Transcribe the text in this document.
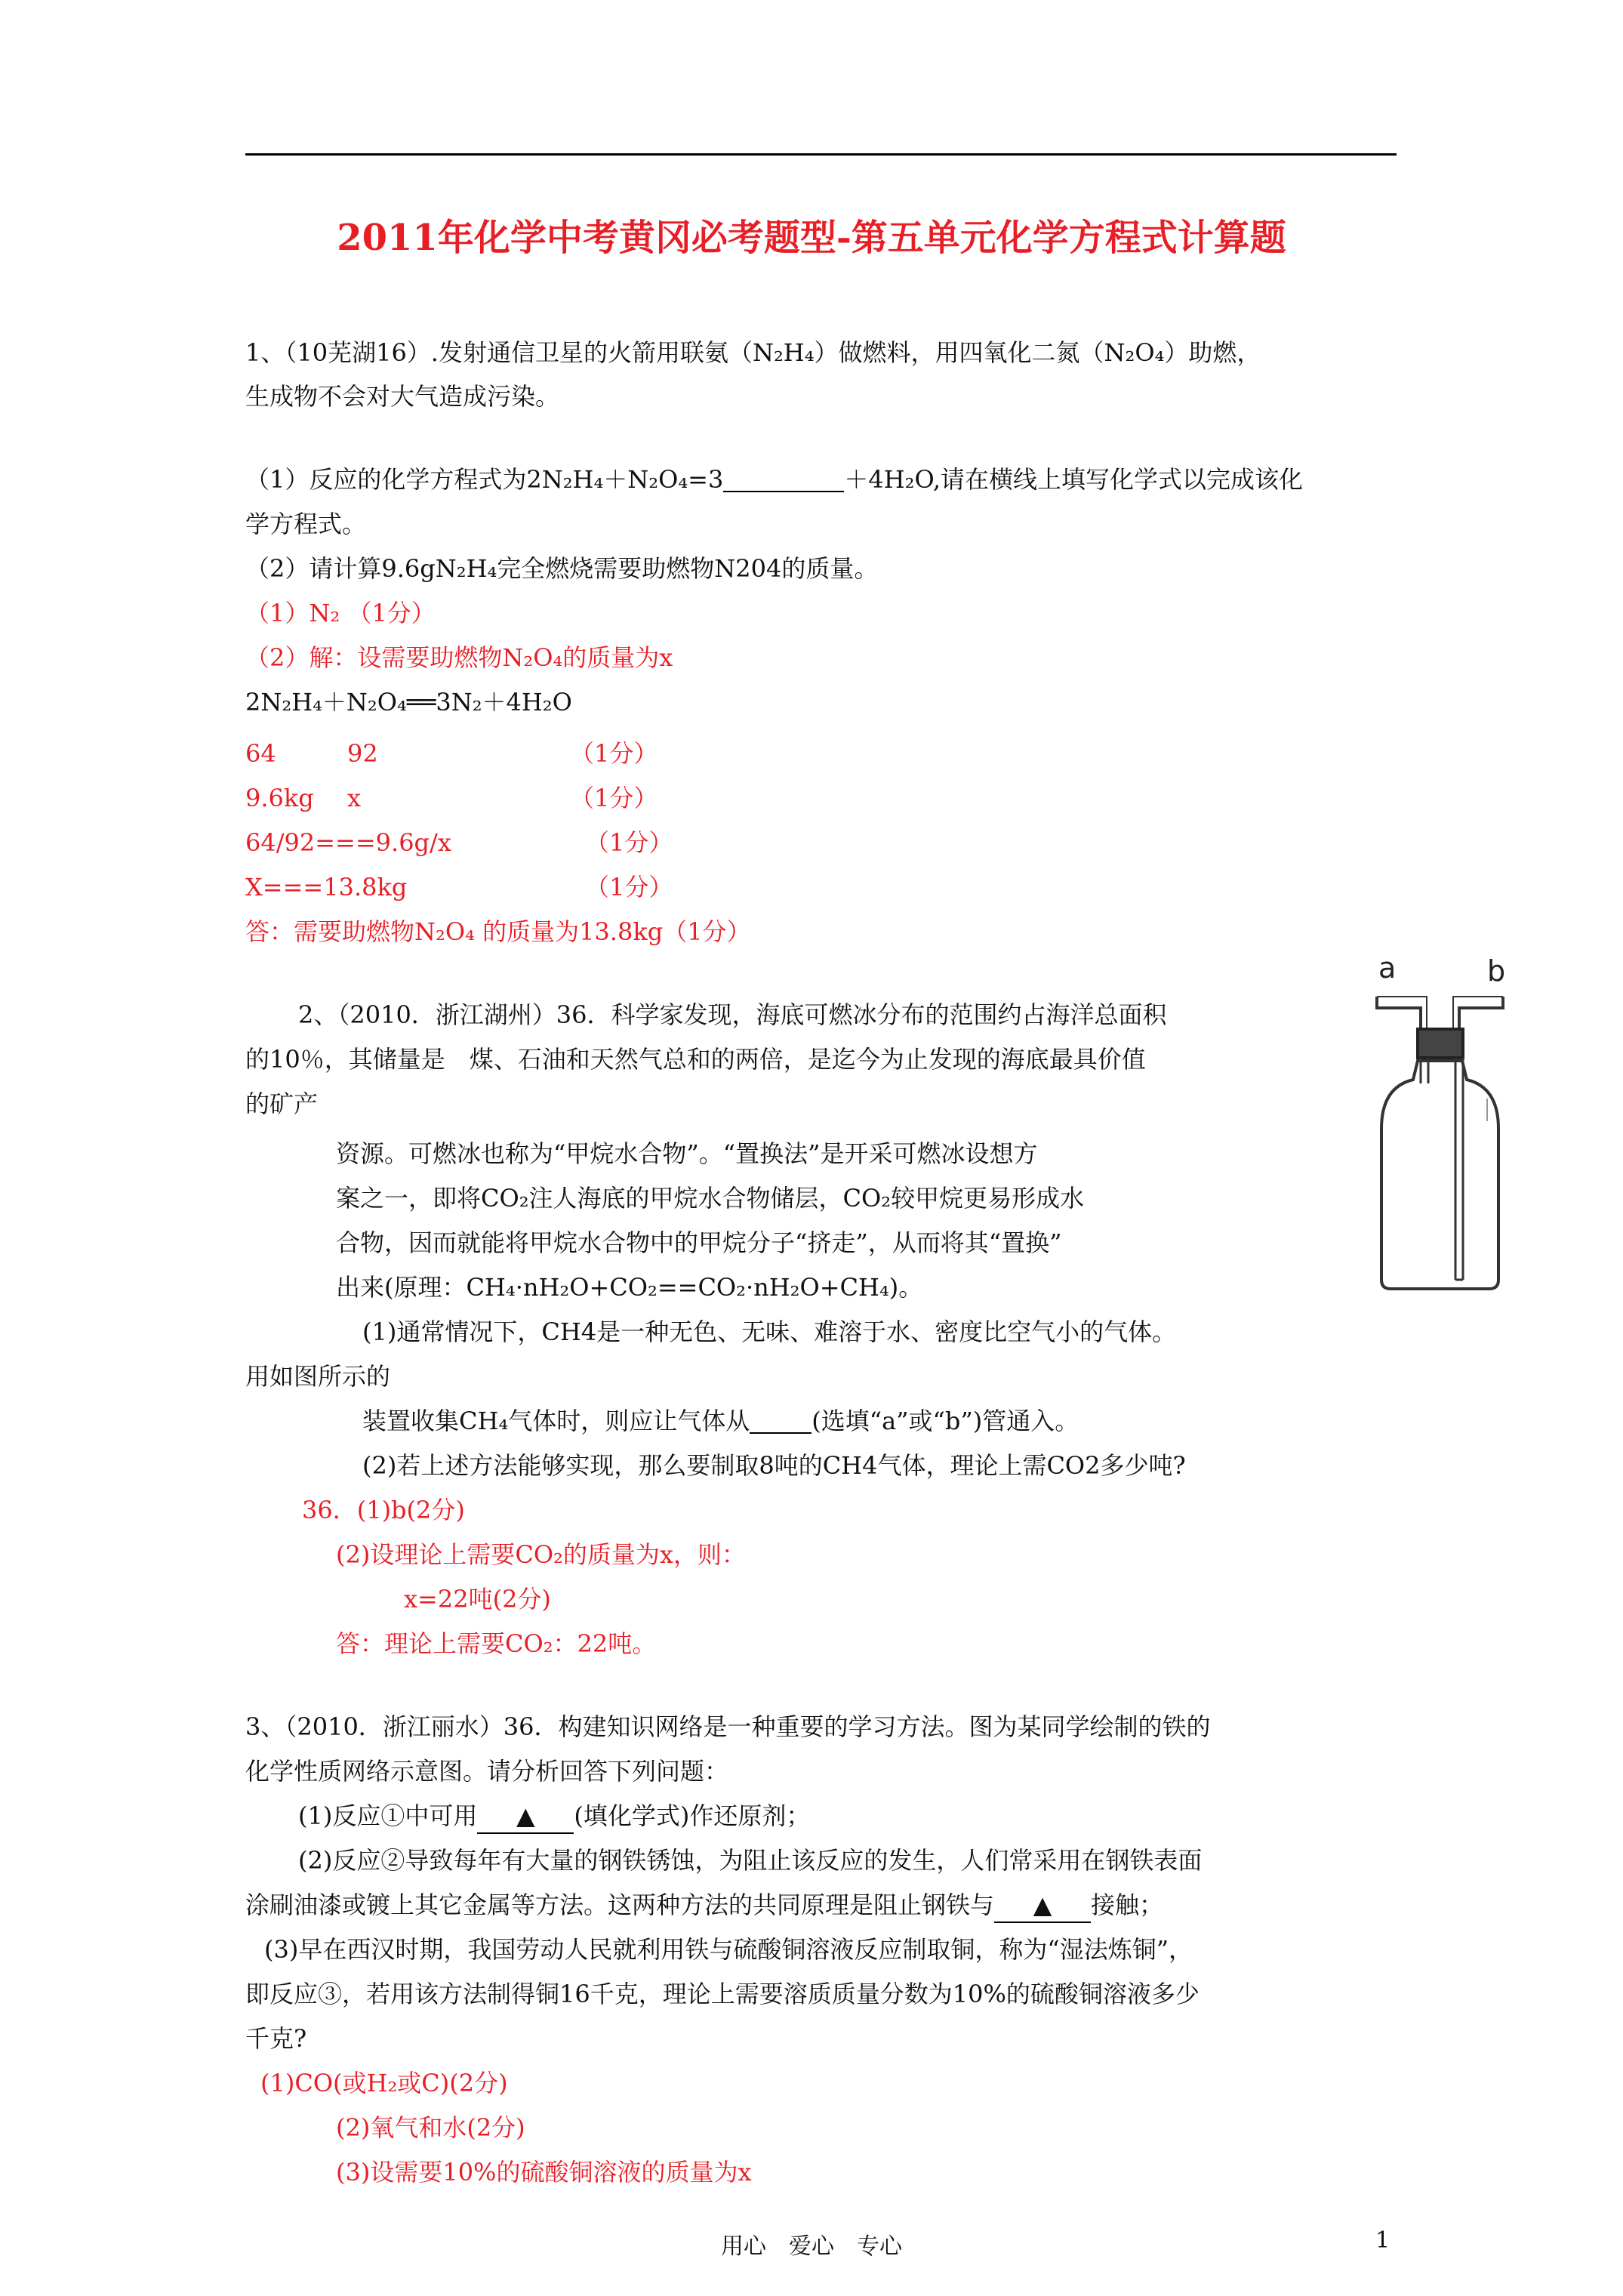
2011年化学中考黄冈必考题型-第五单元化学方程式计算题
1、（10芜湖16）.发射通信卫星的火箭用联氨（N₂H₄）做燃料，用四氧化二氮（N₂O₄）助燃，
生成物不会对大气造成污染。
（1）反应的化学方程式为2N₂H₄＋N₂O₄=3	＋4H₂O,请在横线上填写化学式以完成该化
学方程式。
（2）请计算9.6gN₂H₄完全燃烧需要助燃物N204的质量。
（1）N₂ （1分）
（2）解：设需要助燃物N₂O₄的质量为x
2N₂H₄＋N₂O₄══3N₂＋4H₂O
64	92	（1分）
9.6kg x	（1分）
64/92===9.6g/x	（1分）
X===13.8kg	（1分）
答：需要助燃物N₂O₄ 的质量为13.8kg（1分）
2、（2010．浙江湖州）36．科学家发现，海底可燃冰分布的范围约占海洋总面积
的10％，其储量是　煤、石油和天然气总和的两倍，是迄今为止发现的海底最具价值
的矿产
资源。可燃冰也称为“甲烷水合物”。“置换法”是开采可燃冰设想方
案之一，即将CO₂注人海底的甲烷水合物储层，CO₂较甲烷更易形成水
合物，因而就能将甲烷水合物中的甲烷分子“挤走”，从而将其“置换”
出来(原理：CH₄·nH₂O+CO₂==CO₂·nH₂O+CH₄)。
(1)通常情况下，CH4是一种无色、无味、难溶于水、密度比空气小的气体。
用如图所示的
装置收集CH₄气体时，则应让气体从	(选填“a”或“b”)管通入。
(2)若上述方法能够实现，那么要制取8吨的CH4气体，理论上需CO2多少吨?
36．(1)b(2分)
(2)设理论上需要CO₂的质量为x，则：
x=22吨(2分)
答：理论上需要CO₂：22吨。
a	b
3、（2010．浙江丽水）36．构建知识网络是一种重要的学习方法。图为某同学绘制的铁的
化学性质网络示意图。请分析回答下列问题：
(1)反应①中可用 ▲ (填化学式)作还原剂；
(2)反应②导致每年有大量的钢铁锈蚀，为阻止该反应的发生，人们常采用在钢铁表面
涂刷油漆或镀上其它金属等方法。这两种方法的共同原理是阻止钢铁与 ▲ 接触；
(3)早在西汉时期，我国劳动人民就利用铁与硫酸铜溶液反应制取铜，称为“湿法炼铜”，
即反应③，若用该方法制得铜16千克，理论上需要溶质质量分数为10%的硫酸铜溶液多少
千克?
(1)CO(或H₂或C)(2分)
(2)氧气和水(2分)
(3)设需要10%的硫酸铜溶液的质量为x
用心　爱心　专心	1
